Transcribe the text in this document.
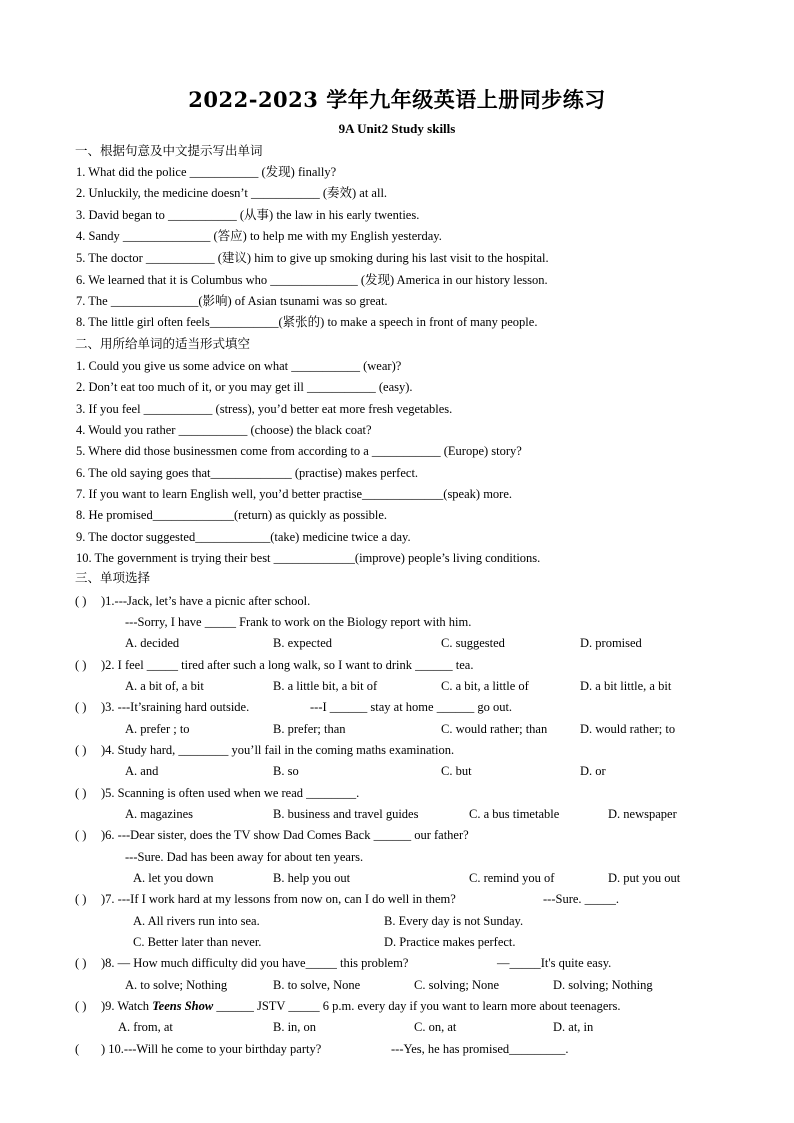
2022-2023 学年九年级英语上册同步练习
9A Unit2 Study skills
一、根据句意及中文提示写出单词
1. What did the police ___________ (发现) finally?
2. Unluckily, the medicine doesn’t ___________ (奏效) at all.
3. David began to ___________ (从事) the law in his early twenties.
4. Sandy ______________ (答应) to help me with my English yesterday.
5. The doctor ___________ (建议) him to give up smoking during his last visit to the hospital.
6. We learned that it is Columbus who ______________ (发现) America in our history lesson.
7. The ______________(影响) of Asian tsunami was so great.
8. The little girl often feels___________(紧张的) to make a speech in front of many people.
二、用所给单词的适当形式填空
1. Could you give us some advice on what ___________ (wear)?
2. Don’t eat too much of it, or you may get ill ___________ (easy).
3. If you feel ___________ (stress), you’d better eat more fresh vegetables.
4. Would you rather ___________ (choose) the black coat?
5. Where did those businessmen come from according to a ___________ (Europe) story?
6. The old saying goes that_____________ (practise) makes perfect.
7. If you want to learn English well, you’d better practise_____________(speak) more.
8. He promised_____________(return) as quickly as possible.
9. The doctor suggested____________(take) medicine twice a day.
10. The government is trying their best _____________(improve) people’s living conditions.
三、单项选择
( ) )1.---Jack, let’s have a picnic after school.
---Sorry, I have _____ Frank to work on the Biology report with him.
A. decided	B. expected	C. suggested	D. promised
( ) )2. I feel _____ tired after such a long walk, so I want to drink ______ tea.
A. a bit of, a bit	B. a little bit, a bit of	C. a bit, a little of	D. a bit little, a bit
( ) )3. ---It’sraining hard outside.	---I ______ stay at home ______ go out.
A. prefer ; to	B. prefer; than	C. would rather; than	D. would rather; to
( ) )4. Study hard, ________ you’ll fail in the coming maths examination.
A. and	B. so	C. but	D. or
( ) )5. Scanning is often used when we read ________.
A. magazines	B. business and travel guides	C. a bus timetable	D. newspaper
( ) )6. ---Dear sister, does the TV show Dad Comes Back ______ our father?
---Sure. Dad has been away for about ten years.
A. let you down	B. help you out	C. remind you of	D. put you out
( ) )7. ---If I work hard at my lessons from now on, can I do well in them?	---Sure. _____.
A. All rivers run into sea.	B. Every day is not Sunday.
C. Better later than never.	D. Practice makes perfect.
( ) )8. — How much difficulty did you have_____ this problem?	—_____It's quite easy.
A. to solve; Nothing	B. to solve, None	C. solving; None	D. solving; Nothing
( ) )9. Watch Teens Show ______ JSTV _____ 6 p.m. every day if you want to learn more about teenagers.
A. from, at	B. in, on	C. on, at	D. at, in
( ) 10.---Will he come to your birthday party?	---Yes, he has promised_________.
